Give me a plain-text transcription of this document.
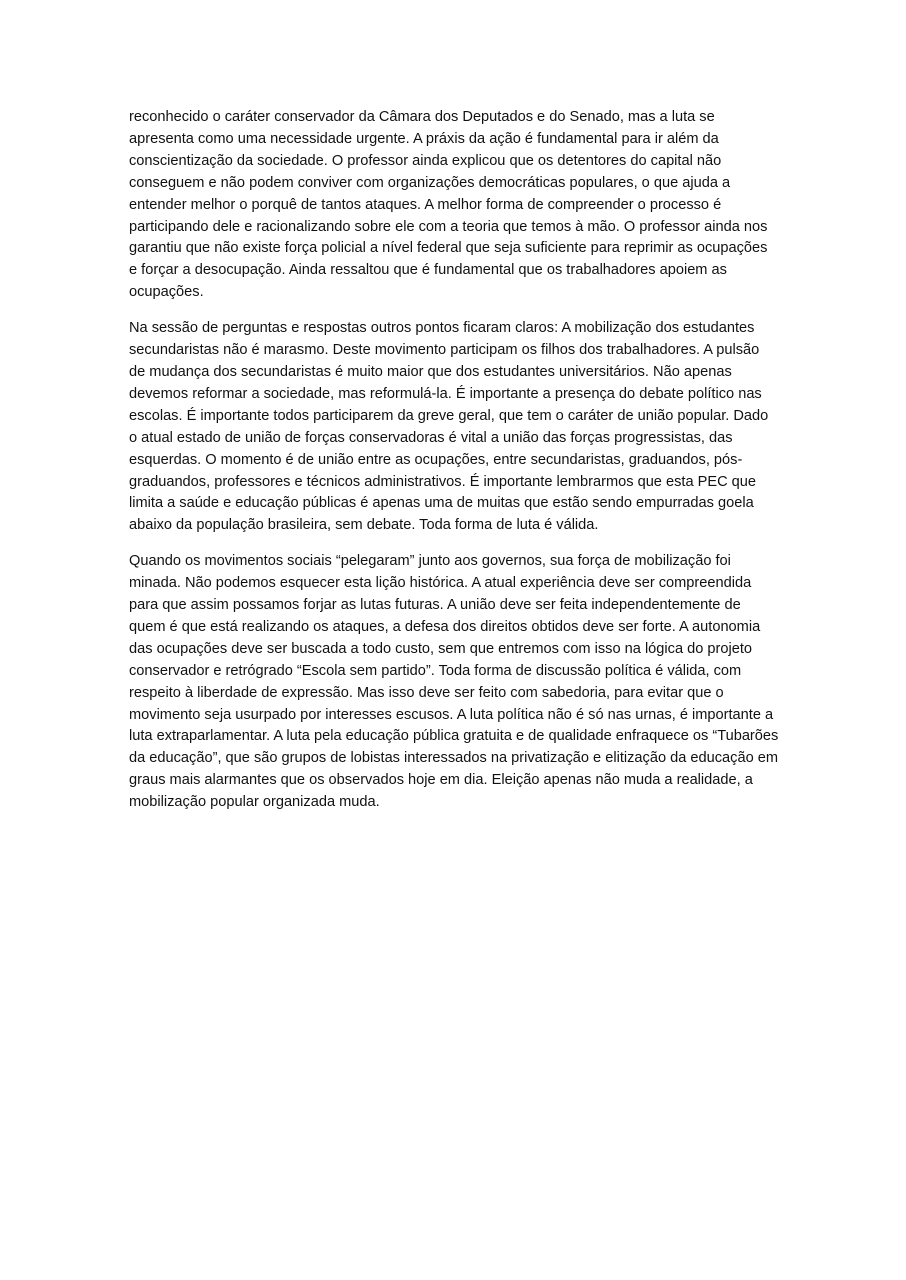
reconhecido o caráter conservador da Câmara dos Deputados e do Senado, mas a luta se apresenta como uma necessidade urgente. A práxis da ação é fundamental para ir além da conscientização da sociedade. O professor ainda explicou que os detentores do capital não conseguem e não podem conviver com organizações democráticas populares, o que ajuda a entender melhor o porquê de tantos ataques. A melhor forma de compreender o processo é participando dele e racionalizando sobre ele com a teoria que temos à mão. O professor ainda nos garantiu que não existe força policial a nível federal que seja suficiente para reprimir as ocupações e forçar a desocupação. Ainda ressaltou que é fundamental que os trabalhadores apoiem as ocupações.

Na sessão de perguntas e respostas outros pontos ficaram claros: A mobilização dos estudantes secundaristas não é marasmo. Deste movimento participam os filhos dos trabalhadores. A pulsão de mudança dos secundaristas é muito maior que dos estudantes universitários. Não apenas devemos reformar a sociedade, mas reformulá-la. É importante a presença do debate político nas escolas. É importante todos participarem da greve geral, que tem o caráter de união popular. Dado o atual estado de união de forças conservadoras é vital a união das forças progressistas, das esquerdas. O momento é de união entre as ocupações, entre secundaristas, graduandos, pós-graduandos, professores e técnicos administrativos. É importante lembrarmos que esta PEC que limita a saúde e educação públicas é apenas uma de muitas que estão sendo empurradas goela abaixo da população brasileira, sem debate. Toda forma de luta é válida.

Quando os movimentos sociais “pelegaram” junto aos governos, sua força de mobilização foi minada. Não podemos esquecer esta lição histórica. A atual experiência deve ser compreendida para que assim possamos forjar as lutas futuras. A união deve ser feita independentemente de quem é que está realizando os ataques, a defesa dos direitos obtidos deve ser forte. A autonomia das ocupações deve ser buscada a todo custo, sem que entremos com isso na lógica do projeto conservador e retrógrado “Escola sem partido”. Toda forma de discussão política é válida, com respeito à liberdade de expressão. Mas isso deve ser feito com sabedoria, para evitar que o movimento seja usurpado por interesses escusos. A luta política não é só nas urnas, é importante a luta extraparlamentar. A luta pela educação pública gratuita e de qualidade enfraquece os “Tubarões da educação”, que são grupos de lobistas interessados na privatização e elitização da educação em graus mais alarmantes que os observados hoje em dia. Eleição apenas não muda a realidade, a mobilização popular organizada muda.
